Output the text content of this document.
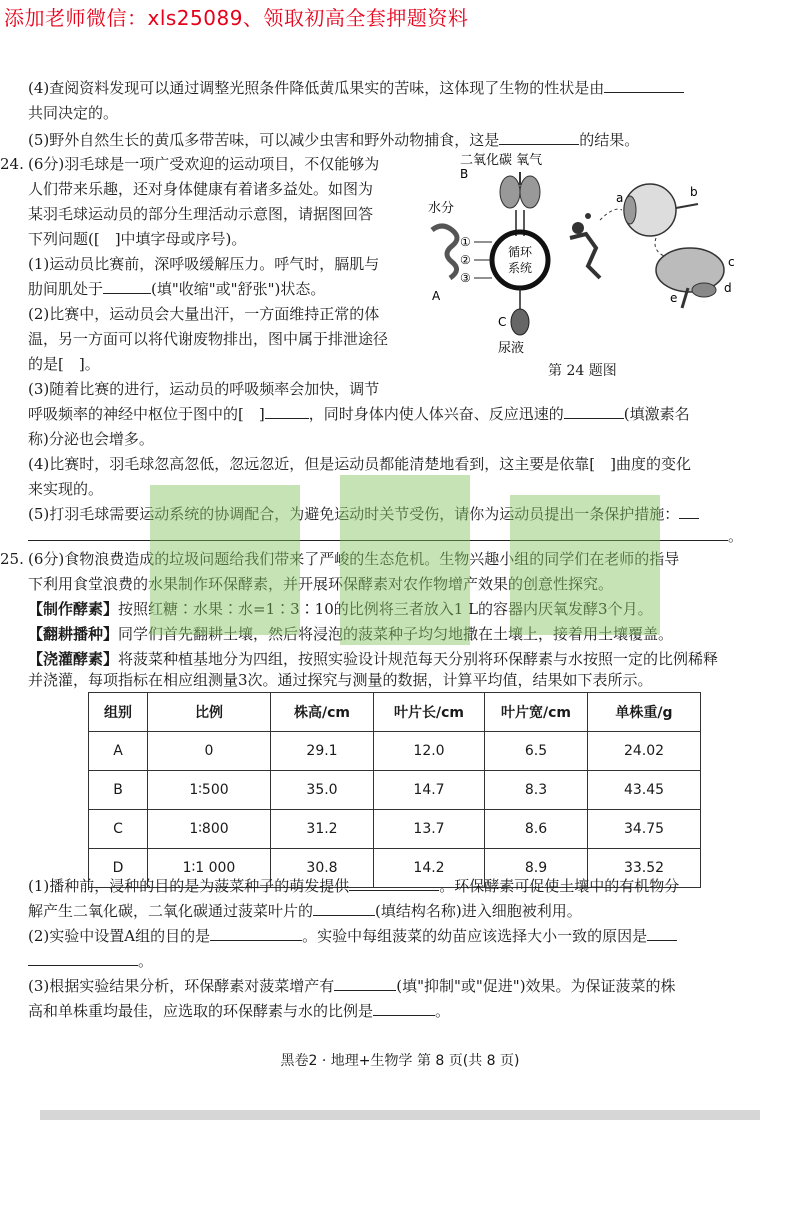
添加老师微信：xls25089、领取初高全套押题资料
(4)查阅资料发现可以通过调整光照条件降低黄瓜果实的苦味，这体现了生物的性状是由
共同决定的。
(5)野外自然生长的黄瓜多带苦味，可以减少虫害和野外动物捕食，这是	的结果。
24. (6分)羽毛球是一项广受欢迎的运动项目，不仅能够为
人们带来乐趣，还对身体健康有着诸多益处。如图为
某羽毛球运动员的部分生理活动示意图，请据图回答
下列问题([　]中填字母或序号)。
(1)运动员比赛前，深呼吸缓解压力。呼气时，膈肌与
肋间肌处于	(填"收缩"或"舒张")状态。
(2)比赛中，运动员会大量出汗，一方面维持正常的体
温，另一方面可以将代谢废物排出，图中属于排泄途径
的是[　]。
(3)随着比赛的进行，运动员的呼吸频率会加快，调节
呼吸频率的神经中枢位于图中的[　]	，同时身体内使人体兴奋、反应迅速的	(填激素名
称)分泌也会增多。
(4)比赛时，羽毛球忽高忽低，忽远忽近，但是运动员都能清楚地看到，这主要是依靠[　]曲度的变化
来实现的。
(5)打羽毛球需要运动系统的协调配合，为避免运动时关节受伤，请你为运动员提出一条保护措施：
。
二氧化碳 氧气
B
循环
系统
水分
A
①
②
③
C
尿液
a	b
c
d
e
第 24 题图
25. (6分)食物浪费造成的垃圾问题给我们带来了严峻的生态危机。生物兴趣小组的同学们在老师的指导
下利用食堂浪费的水果制作环保酵素，并开展环保酵素对农作物增产效果的创意性探究。
【制作酵素】按照红糖∶水果∶水=1∶3∶10的比例将三者放入1 L的容器内厌氧发酵3个月。
【翻耕播种】同学们首先翻耕土壤，然后将浸泡的菠菜种子均匀地撒在土壤上，接着用土壤覆盖。
【浇灌酵素】将菠菜种植基地分为四组，按照实验设计规范每天分别将环保酵素与水按照一定的比例稀释
并浇灌，每项指标在相应组测量3次。通过探究与测量的数据，计算平均值，结果如下表所示。
组别	比例	株高/cm	叶片长/cm	叶片宽/cm	单株重/g
A	0	29.1	12.0	6.5	24.02
B	1∶500	35.0	14.7	8.3	43.45
C	1∶800	31.2	13.7	8.6	34.75
D	1∶1 000	30.8	14.2	8.9	33.52
(1)播种前，浸种的目的是为菠菜种子的萌发提供	。环保酵素可促使土壤中的有机物分
解产生二氧化碳，二氧化碳通过菠菜叶片的	(填结构名称)进入细胞被利用。
(2)实验中设置A组的目的是	。实验中每组菠菜的幼苗应该选择大小一致的原因是
。
(3)根据实验结果分析，环保酵素对菠菜增产有	(填"抑制"或"促进")效果。为保证菠菜的株
高和单株重均最佳，应选取的环保酵素与水的比例是	。
黑卷2 · 地理+生物学 第 8 页(共 8 页)
